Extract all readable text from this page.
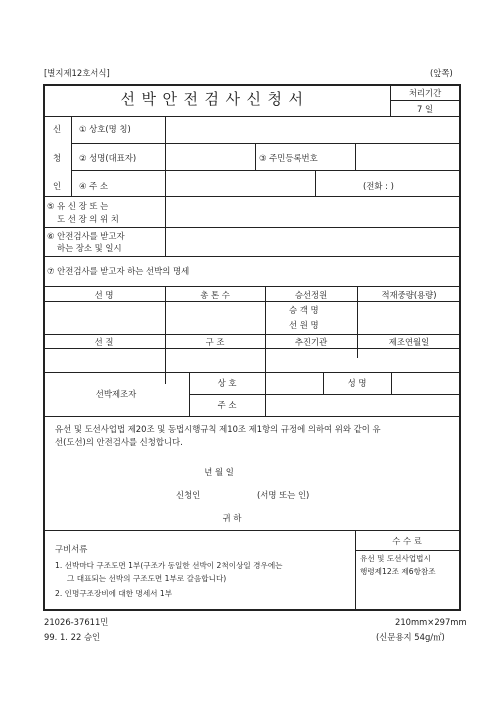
[별지제12호서식]	(앞쪽)
선박안전검사신청서	처리기간
7 일
신
청
인
① 상호(명 칭)
② 성명(대표자)	③ 주민등록번호
④ 주 소	(전화 : )
⑤ 유 신 장 또 는
도 선 장 의 위 치
⑥ 안전검사를 받고자
하는 장소 및 일시
⑦ 안전검사를 받고자 하는 선박의 명세
선 명	총 톤 수	승선정원	적재중량(용량)
승 객 명
선 원 명
선 질	구 조	추진기관	제조연월일
선박제조자
상 호	성 명
주 소
유선 및 도선사업법 제20조 및 동법시행규칙 제10조 제1항의 규정에 의하여 위와 같이 유
선(도선)의 안전검사를 신청합니다.
년 월 일
신청인	(서명 또는 인)
귀 하
구비서류
1. 선박마다 구조도면 1부(구조가 동일한 선박이 2척이상일 경우에는
그 대표되는 선박의 구조도면 1부로 갈음합니다)
2. 인명구조장비에 대한 명세서 1부
수 수 료
유선 및 도선사업법시
행령제12조 제6항참조
21026-37611민	210mm×297mm
99. 1. 22 승인	(신문용지 54g/㎡)
